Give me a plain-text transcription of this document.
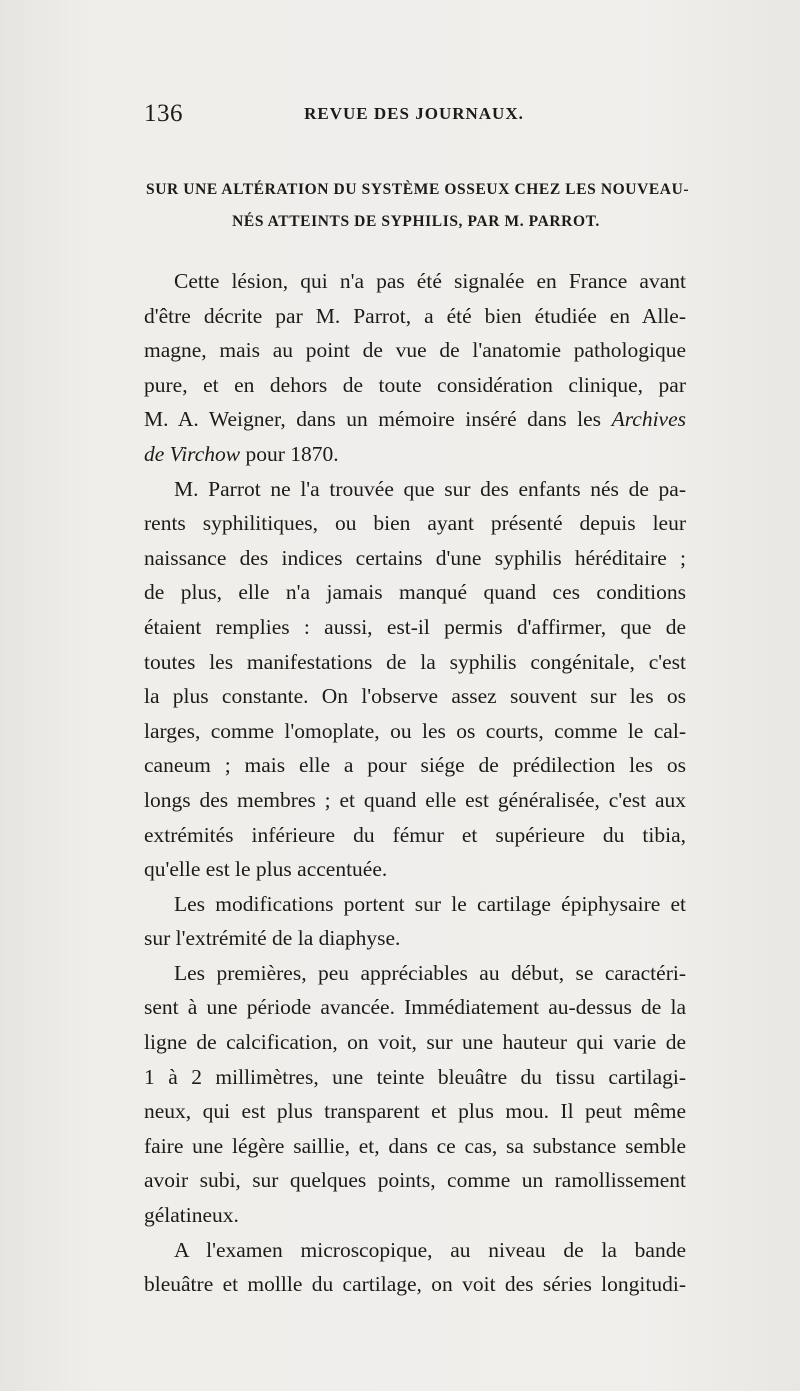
136	REVUE DES JOURNAUX.
SUR UNE ALTÉRATION DU SYSTÈME OSSEUX CHEZ LES NOUVEAU-
NÉS ATTEINTS DE SYPHILIS, PAR M. PARROT.
Cette lésion, qui n'a pas été signalée en France avant
d'être décrite par M. Parrot, a été bien étudiée en Alle-
magne, mais au point de vue de l'anatomie pathologique
pure, et en dehors de toute considération clinique, par
M. A. Weigner, dans un mémoire inséré dans les Archives
de Virchow pour 1870.
M. Parrot ne l'a trouvée que sur des enfants nés de pa-
rents syphilitiques, ou bien ayant présenté depuis leur
naissance des indices certains d'une syphilis héréditaire ;
de plus, elle n'a jamais manqué quand ces conditions
étaient remplies : aussi, est-il permis d'affirmer, que de
toutes les manifestations de la syphilis congénitale, c'est
la plus constante. On l'observe assez souvent sur les os
larges, comme l'omoplate, ou les os courts, comme le cal-
caneum ; mais elle a pour siége de prédilection les os
longs des membres ; et quand elle est généralisée, c'est aux
extrémités inférieure du fémur et supérieure du tibia,
qu'elle est le plus accentuée.
Les modifications portent sur le cartilage épiphysaire et
sur l'extrémité de la diaphyse.
Les premières, peu appréciables au début, se caractéri-
sent à une période avancée. Immédiatement au-dessus de la
ligne de calcification, on voit, sur une hauteur qui varie de
1 à 2 millimètres, une teinte bleuâtre du tissu cartilagi-
neux, qui est plus transparent et plus mou. Il peut même
faire une légère saillie, et, dans ce cas, sa substance semble
avoir subi, sur quelques points, comme un ramollissement
gélatineux.
A l'examen microscopique, au niveau de la bande
bleuâtre et mollle du cartilage, on voit des séries longitudi-
